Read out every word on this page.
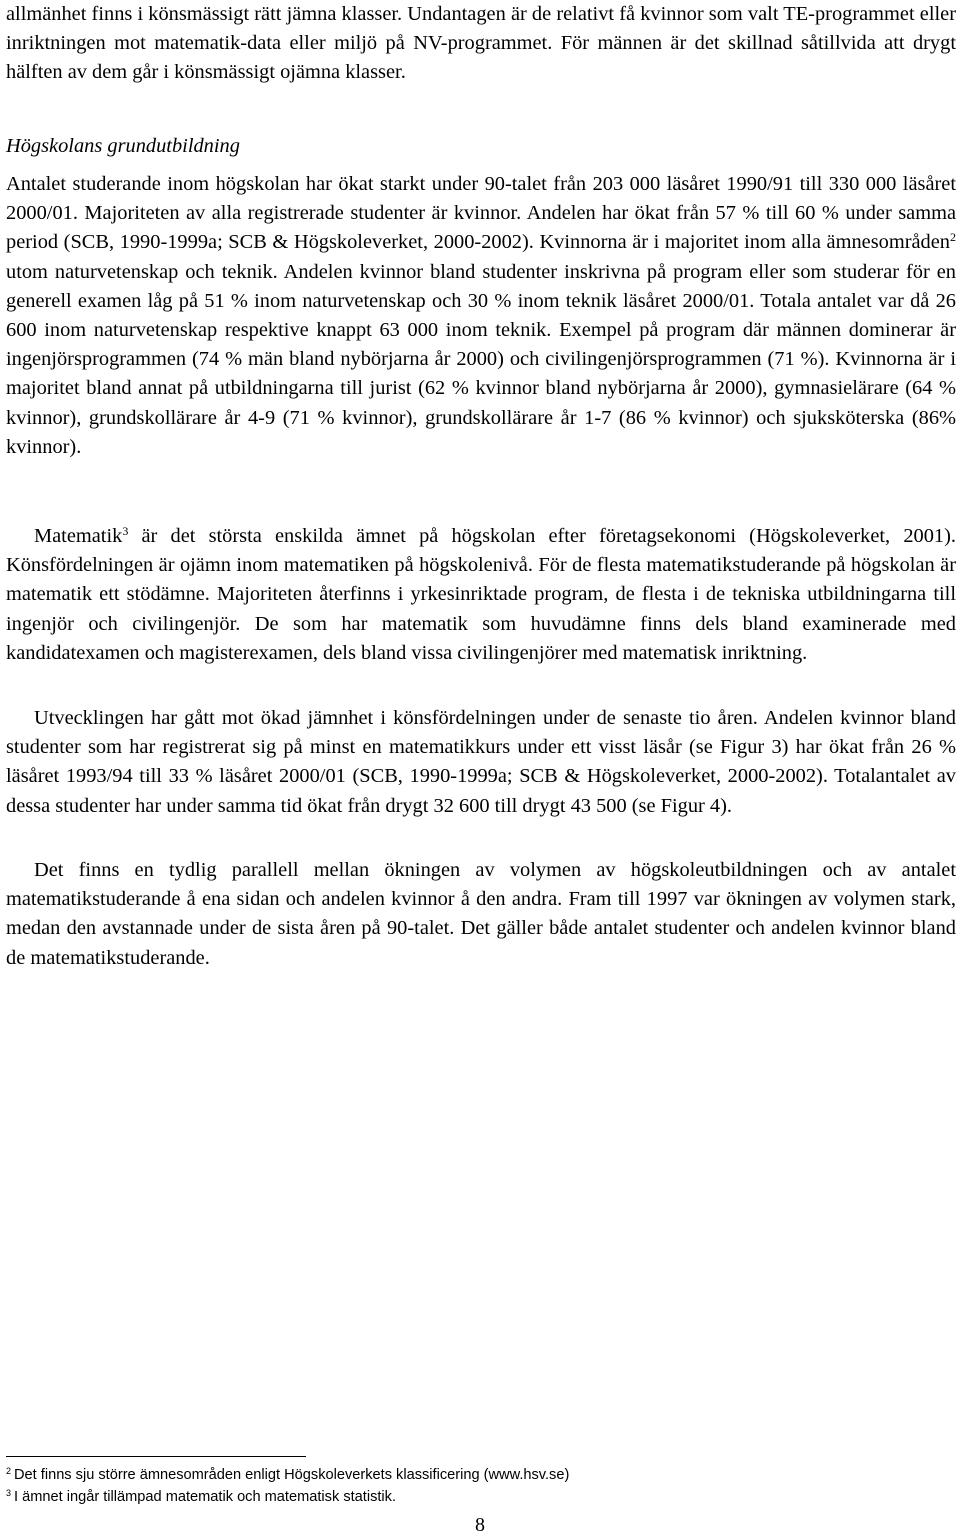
allmänhet finns i könsmässigt rätt jämna klasser. Undantagen är de relativt få kvinnor som valt TE-programmet eller inriktningen mot matematik-data eller miljö på NV-programmet. För männen är det skillnad såtillvida att drygt hälften av dem går i könsmässigt ojämna klasser.

Högskolans grundutbildning

Antalet studerande inom högskolan har ökat starkt under 90-talet från 203 000 läsåret 1990/91 till 330 000 läsåret 2000/01. Majoriteten av alla registrerade studenter är kvinnor. Andelen har ökat från 57 % till 60 % under samma period (SCB, 1990-1999a; SCB & Högskoleverket, 2000-2002). Kvinnorna är i majoritet inom alla ämnesområden$^2$ utom naturvetenskap och teknik. Andelen kvinnor bland studenter inskrivna på program eller som studerar för en generell examen låg på 51 % inom naturvetenskap och 30 % inom teknik läsåret 2000/01. Totala antalet var då 26 600 inom naturvetenskap respektive knappt 63 000 inom teknik. Exempel på program där männen dominerar är ingenjörsprogrammen (74 % män bland nybörjarna år 2000) och civilingenjörsprogrammen (71 %). Kvinnorna är i majoritet bland annat på utbildningarna till jurist (62 % kvinnor bland nybörjarna år 2000), gymnasielärare (64 % kvinnor), grundskollärare år 4-9 (71 % kvinnor), grundskollärare år 1-7 (86 % kvinnor) och sjuksköterska (86% kvinnor).

Matematik$^3$ är det största enskilda ämnet på högskolan efter företagsekonomi (Högskoleverket, 2001). Könsfördelningen är ojämn inom matematiken på högskolenivå. För de flesta matematikstuderande på högskolan är matematik ett stödämne. Majoriteten återfinns i yrkesinriktade program, de flesta i de tekniska utbildningarna till ingenjör och civilingenjör. De som har matematik som huvudämne finns dels bland examinerade med kandidatexamen och magisterexamen, dels bland vissa civilingenjörer med matematisk inriktning.

Utvecklingen har gått mot ökad jämnhet i könsfördelningen under de senaste tio åren. Andelen kvinnor bland studenter som har registrerat sig på minst en matematikkurs under ett visst läsår (se Figur 3) har ökat från 26 % läsåret 1993/94 till 33 % läsåret 2000/01 (SCB, 1990-1999a; SCB & Högskoleverket, 2000-2002). Totalantalet av dessa studenter har under samma tid ökat från drygt 32 600 till drygt 43 500 (se Figur 4).

Det finns en tydlig parallell mellan ökningen av volymen av högskoleutbildningen och av antalet matematikstuderande å ena sidan och andelen kvinnor å den andra. Fram till 1997 var ökningen av volymen stark, medan den avstannade under de sista åren på 90-talet. Det gäller både antalet studenter och andelen kvinnor bland de matematikstuderande.

$^2$ Det finns sju större ämnesområden enligt Högskoleverkets klassificering (www.hsv.se)
$^3$ I ämnet ingår tillämpad matematik och matematisk statistik.
8
